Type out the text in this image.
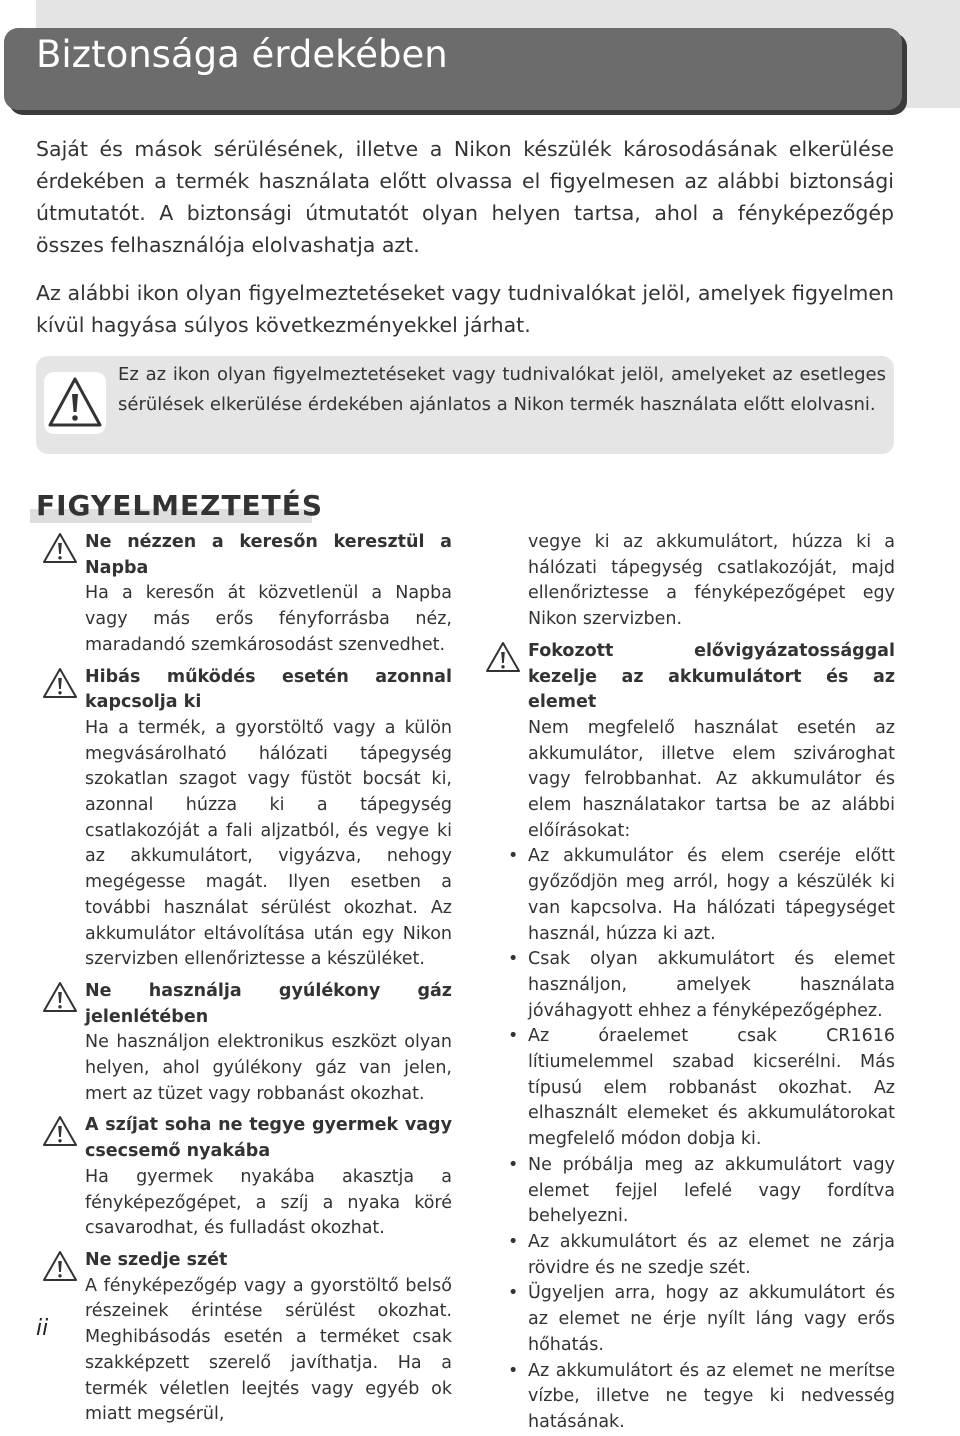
Biztonsága érdekében

Saját és mások sérülésének, illetve a Nikon készülék károsodásának elkerülése érdekében a termék használata előtt olvassa el figyelmesen az alábbi biztonsági útmutatót. A biztonsági útmutatót olyan helyen tartsa, ahol a fényképezőgép összes felhasználója elolvashatja azt.

Az alábbi ikon olyan figyelmeztetéseket vagy tudnivalókat jelöl, amelyek figyelmen kívül hagyása súlyos következményekkel járhat.

Ez az ikon olyan figyelmeztetéseket vagy tudnivalókat jelöl, amelyeket az esetleges sérülések elkerülése érdekében ajánlatos a Nikon termék használata előtt elolvasni.

FIGYELMEZTETÉS

Ne nézzen a keresőn keresztül a Napba

Ha a keresőn át közvetlenül a Napba vagy más erős fényforrásba néz, maradandó szemkárosodást szenvedhet.

Hibás működés esetén azonnal kapcsolja ki

Ha a termék, a gyorstöltő vagy a külön megvásárolható hálózati tápegység szokatlan szagot vagy füstöt bocsát ki, azonnal húzza ki a tápegység csatlakozóját a fali aljzatból, és vegye ki az akkumulátort, vigyázva, nehogy megégesse magát. Ilyen esetben a további használat sérülést okozhat. Az akkumulátor eltávolítása után egy Nikon szervizben ellenőriztesse a készüléket.

Ne használja gyúlékony gáz jelenlétében

Ne használjon elektronikus eszközt olyan helyen, ahol gyúlékony gáz van jelen, mert az tüzet vagy robbanást okozhat.

A szíjat soha ne tegye gyermek vagy csecsemő nyakába

Ha gyermek nyakába akasztja a fényképezőgépet, a szíj a nyaka köré csavarodhat, és fulladást okozhat.

Ne szedje szét

A fényképezőgép vagy a gyorstöltő belső részeinek érintése sérülést okozhat. Meghibásodás esetén a terméket csak szakképzett szerelő javíthatja. Ha a termék véletlen leejtés vagy egyéb ok miatt megsérül,

vegye ki az akkumulátort, húzza ki a hálózati tápegység csatlakozóját, majd ellenőriztesse a fényképezőgépet egy Nikon szervizben.

Fokozott elővigyázatossággal kezelje az akkumulátort és az elemet

Nem megfelelő használat esetén az akkumulátor, illetve elem szivároghat vagy felrobbanhat. Az akkumulátor és elem használatakor tartsa be az alábbi előírásokat:

• Az akkumulátor és elem cseréje előtt győződjön meg arról, hogy a készülék ki van kapcsolva. Ha hálózati tápegységet használ, húzza ki azt.
• Csak olyan akkumulátort és elemet használjon, amelyek használata jóváhagyott ehhez a fényképezőgéphez.
• Az óraelemet csak CR1616 lítiumelemmel szabad kicserélni. Más típusú elem robbanást okozhat. Az elhasznált elemeket és akkumulátorokat megfelelő módon dobja ki.
• Ne próbálja meg az akkumulátort vagy elemet fejjel lefelé vagy fordítva behelyezni.
• Az akkumulátort és az elemet ne zárja rövidre és ne szedje szét.
• Ügyeljen arra, hogy az akkumulátort és az elemet ne érje nyílt láng vagy erős hőhatás.
• Az akkumulátort és az elemet ne merítse vízbe, illetve ne tegye ki nedvesség hatásának.
ii
